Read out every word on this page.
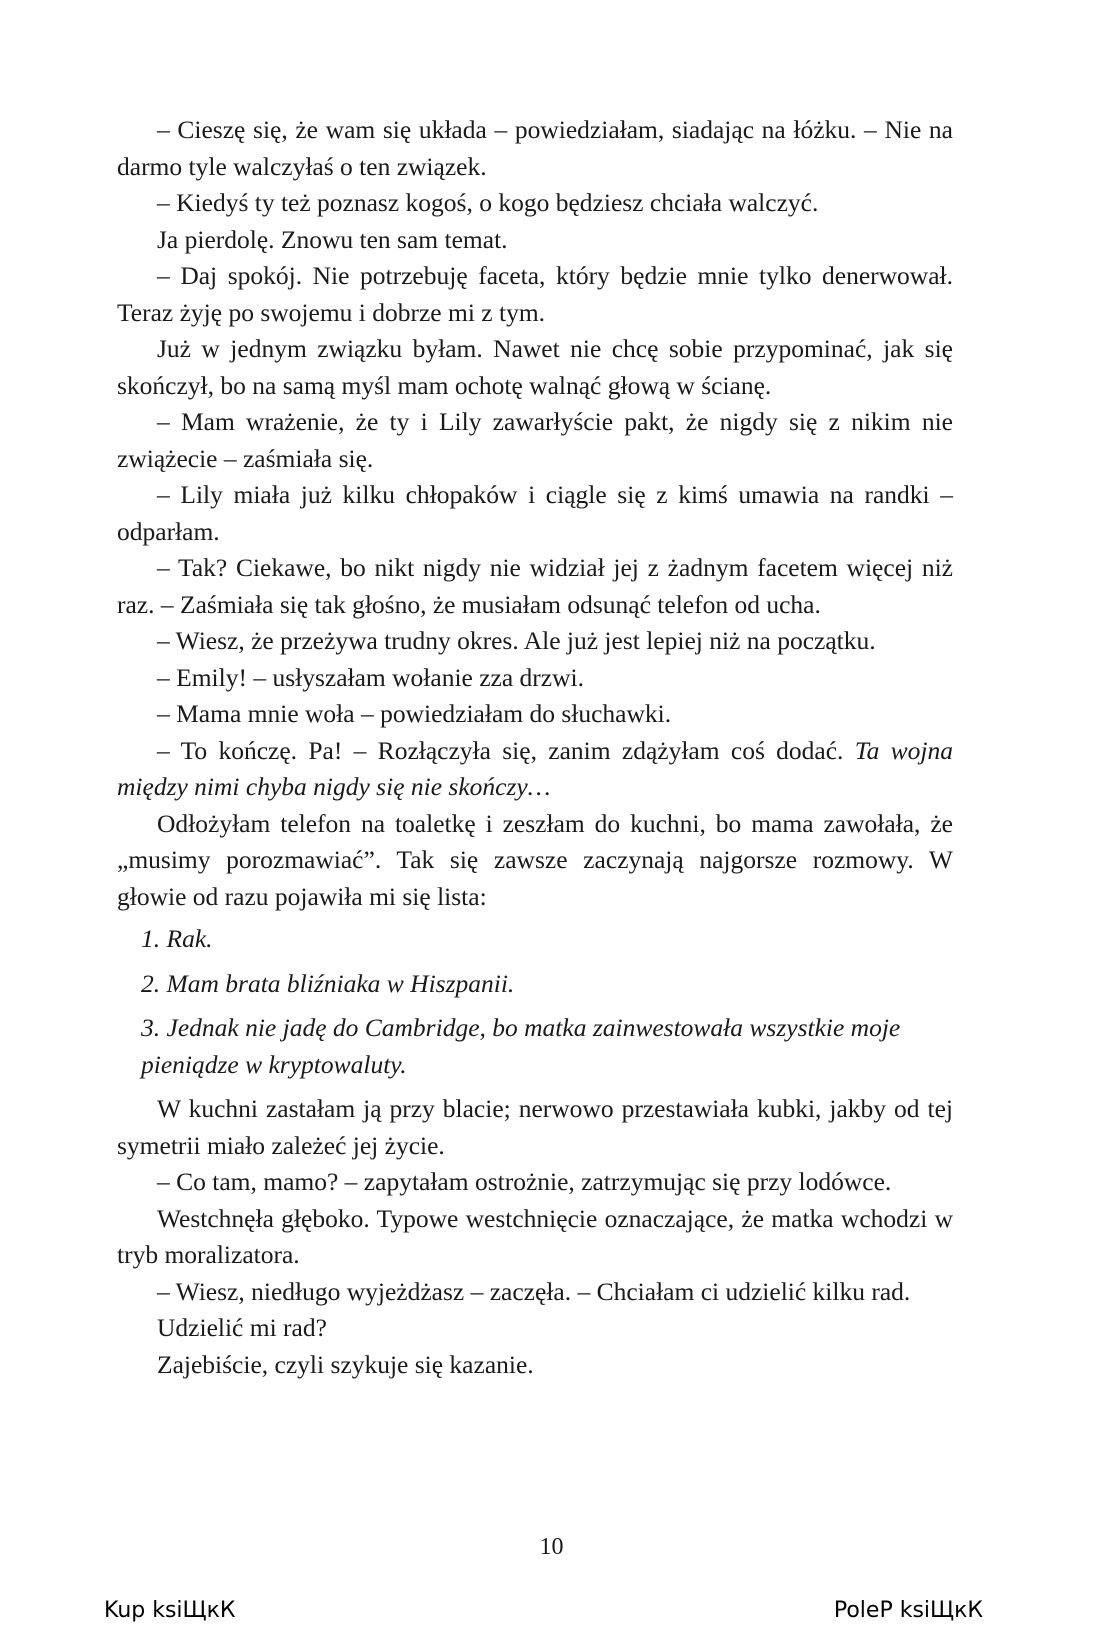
– Cieszę się, że wam się układa – powiedziałam, siadając na łóżku. – Nie na darmo tyle walczyłaś o ten związek.

– Kiedyś ty też poznasz kogoś, o kogo będziesz chciała walczyć.

Ja pierdolę. Znowu ten sam temat.

– Daj spokój. Nie potrzebuję faceta, który będzie mnie tylko denerwował. Teraz żyję po swojemu i dobrze mi z tym.

Już w jednym związku byłam. Nawet nie chcę sobie przypominać, jak się skończył, bo na samą myśl mam ochotę walnąć głową w ścianę.

– Mam wrażenie, że ty i Lily zawarłyście pakt, że nigdy się z nikim nie zwiążecie – zaśmiała się.

– Lily miała już kilku chłopaków i ciągle się z kimś umawia na randki – odparłam.

– Tak? Ciekawe, bo nikt nigdy nie widział jej z żadnym facetem więcej niż raz. – Zaśmiała się tak głośno, że musiałam odsunąć telefon od ucha.

– Wiesz, że przeżywa trudny okres. Ale już jest lepiej niż na początku.

– Emily! – usłyszałam wołanie zza drzwi.

– Mama mnie woła – powiedziałam do słuchawki.

– To kończę. Pa! – Rozłączyła się, zanim zdążyłam coś dodać. Ta wojna między nimi chyba nigdy się nie skończy…

Odłożyłam telefon na toaletkę i zeszłam do kuchni, bo mama zawołała, że „musimy porozmawiać”. Tak się zawsze zaczynają najgorsze rozmowy. W głowie od razu pojawiła mi się lista:

1. Rak.
2. Mam brata bliźniaka w Hiszpanii.
3. Jednak nie jadę do Cambridge, bo matka zainwestowała wszystkie moje pieniądze w kryptowaluty.

W kuchni zastałam ją przy blacie; nerwowo przestawiała kubki, jakby od tej symetrii miało zależeć jej życie.

– Co tam, mamo? – zapytałam ostrożnie, zatrzymując się przy lodówce.

Westchnęła głęboko. Typowe westchnięcie oznaczające, że matka wchodzi w tryb moralizatora.

– Wiesz, niedługo wyjeżdżasz – zaczęła. – Chciałam ci udzielić kilku rad.

Udzielić mi rad?

Zajebiście, czyli szykuje się kazanie.

10
Kup ksiЩкК	PoleР ksiЩкК
